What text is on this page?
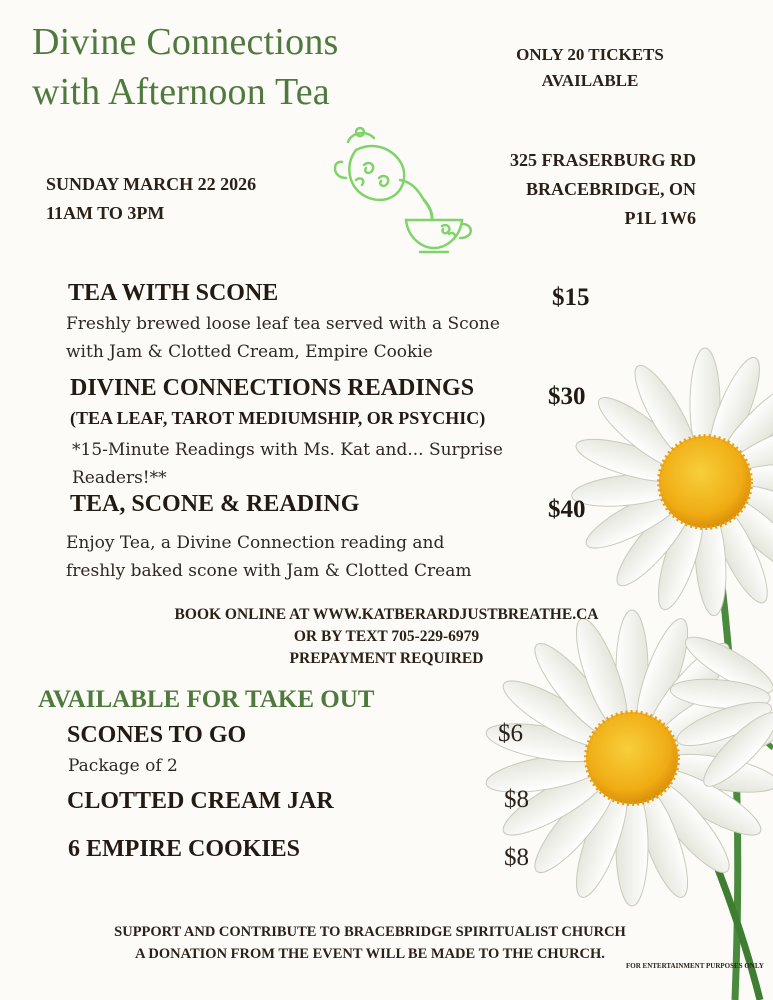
Divine Connections
with Afternoon Tea
ONLY 20 TICKETS
AVAILABLE
SUNDAY MARCH 22 2026
11AM TO 3PM
325 FRASERBURG RD
BRACEBRIDGE, ON
P1L 1W6
TEA WITH SCONE	$15
Freshly brewed loose leaf tea served with a Scone
with Jam & Clotted Cream, Empire Cookie
DIVINE CONNECTIONS READINGS	$30
(TEA LEAF, TAROT MEDIUMSHIP, OR PSYCHIC)
*15-Minute Readings with Ms. Kat and... Surprise
Readers!**
TEA, SCONE & READING	$40
Enjoy Tea, a Divine Connection reading and
freshly baked scone with Jam & Clotted Cream
BOOK ONLINE AT WWW.KATBERARDJUSTBREATHE.CA
OR BY TEXT 705-229-6979
PREPAYMENT REQUIRED
AVAILABLE FOR TAKE OUT
SCONES TO GO	$6
Package of 2
CLOTTED CREAM JAR	$8
6 EMPIRE COOKIES	$8
SUPPORT AND CONTRIBUTE TO BRACEBRIDGE SPIRITUALIST CHURCH
A DONATION FROM THE EVENT WILL BE MADE TO THE CHURCH.
FOR ENTERTAINMENT PURPOSES ONLY
